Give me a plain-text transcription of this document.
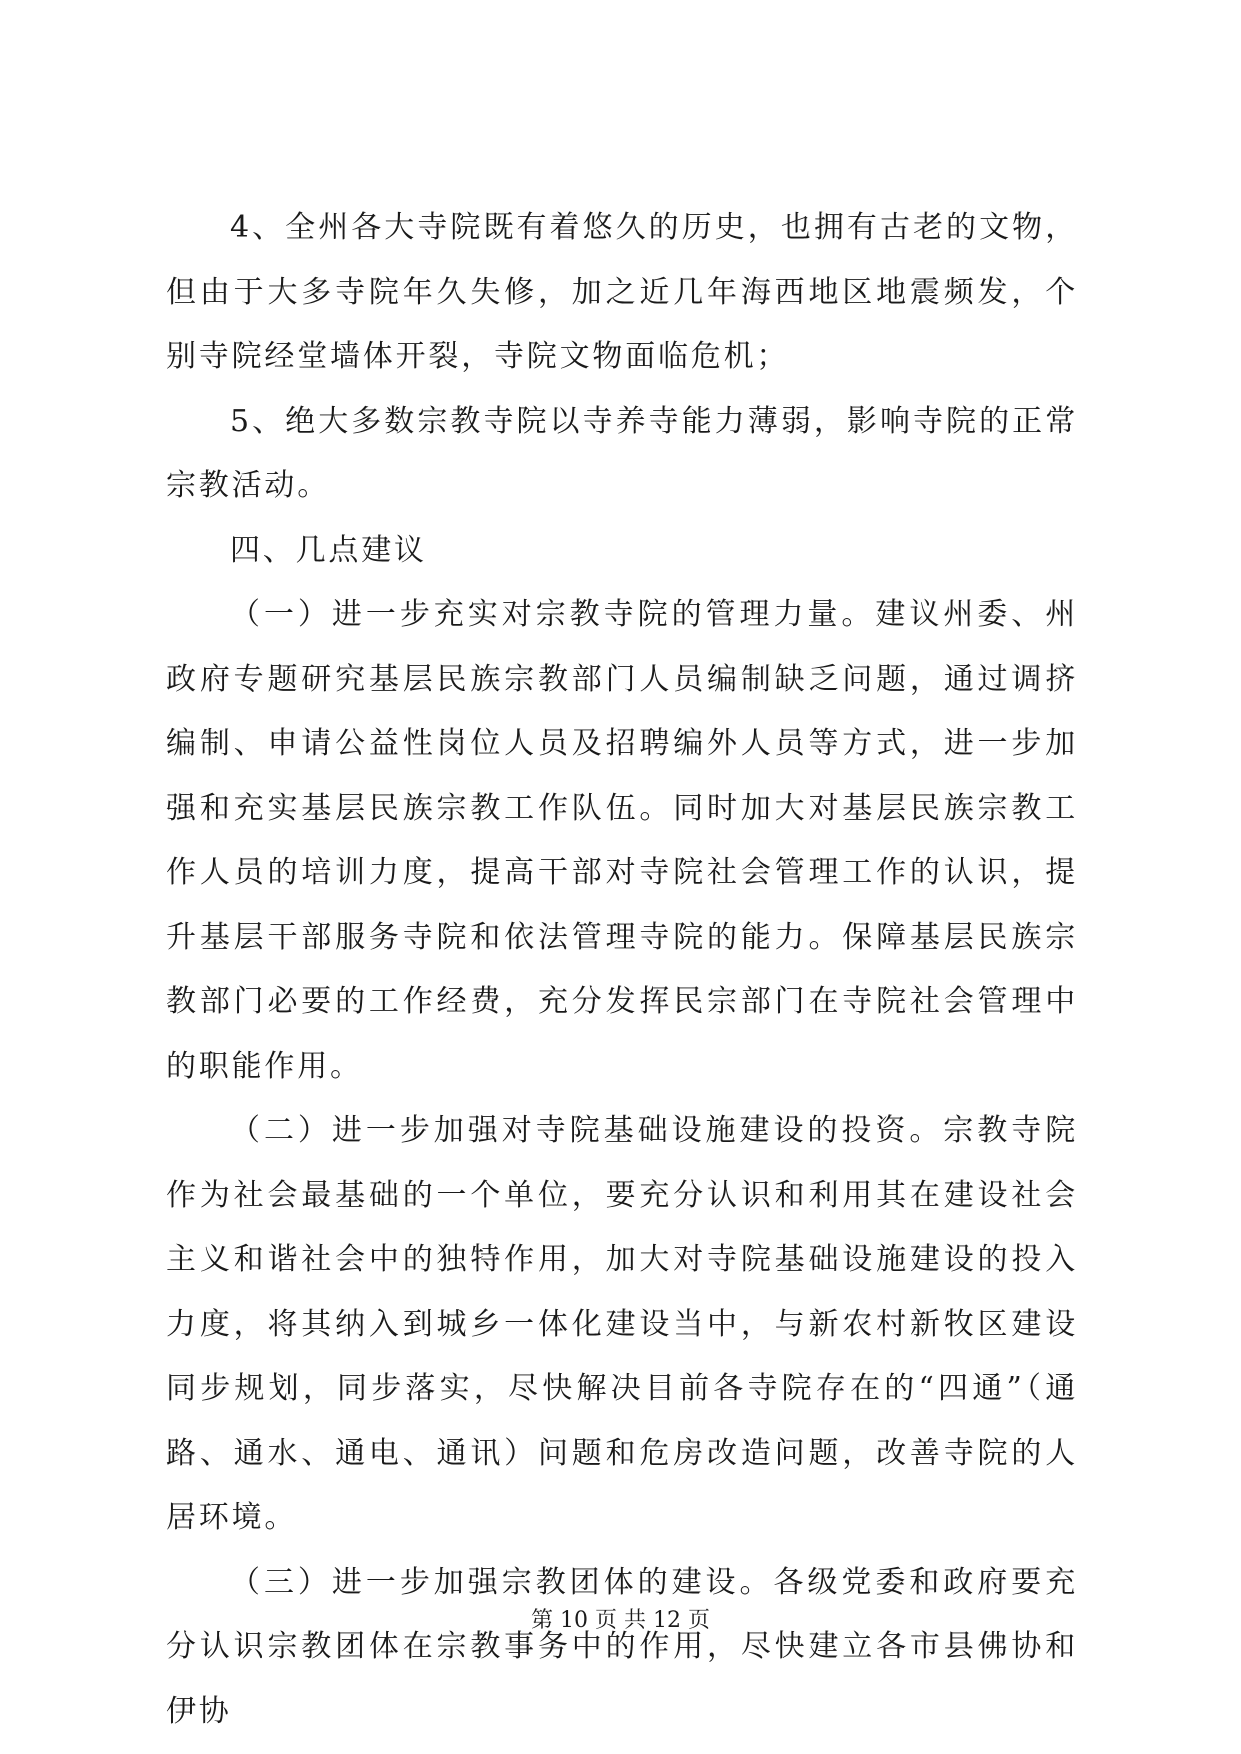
4、全州各大寺院既有着悠久的历史，也拥有古老的文物，但由于大多寺院年久失修，加之近几年海西地区地震频发，个别寺院经堂墙体开裂，寺院文物面临危机；

5、绝大多数宗教寺院以寺养寺能力薄弱，影响寺院的正常宗教活动。

四、几点建议

（一）进一步充实对宗教寺院的管理力量。建议州委、州政府专题研究基层民族宗教部门人员编制缺乏问题，通过调挤编制、申请公益性岗位人员及招聘编外人员等方式，进一步加强和充实基层民族宗教工作队伍。同时加大对基层民族宗教工作人员的培训力度，提高干部对寺院社会管理工作的认识，提升基层干部服务寺院和依法管理寺院的能力。保障基层民族宗教部门必要的工作经费，充分发挥民宗部门在寺院社会管理中的职能作用。

（二）进一步加强对寺院基础设施建设的投资。宗教寺院作为社会最基础的一个单位，要充分认识和利用其在建设社会主义和谐社会中的独特作用，加大对寺院基础设施建设的投入力度，将其纳入到城乡一体化建设当中，与新农村新牧区建设同步规划，同步落实，尽快解决目前各寺院存在的“四通”（通路、通水、通电、通讯）问题和危房改造问题，改善寺院的人居环境。

（三）进一步加强宗教团体的建设。各级党委和政府要充分认识宗教团体在宗教事务中的作用，尽快建立各市县佛协和伊协

第 10 页 共 12 页
